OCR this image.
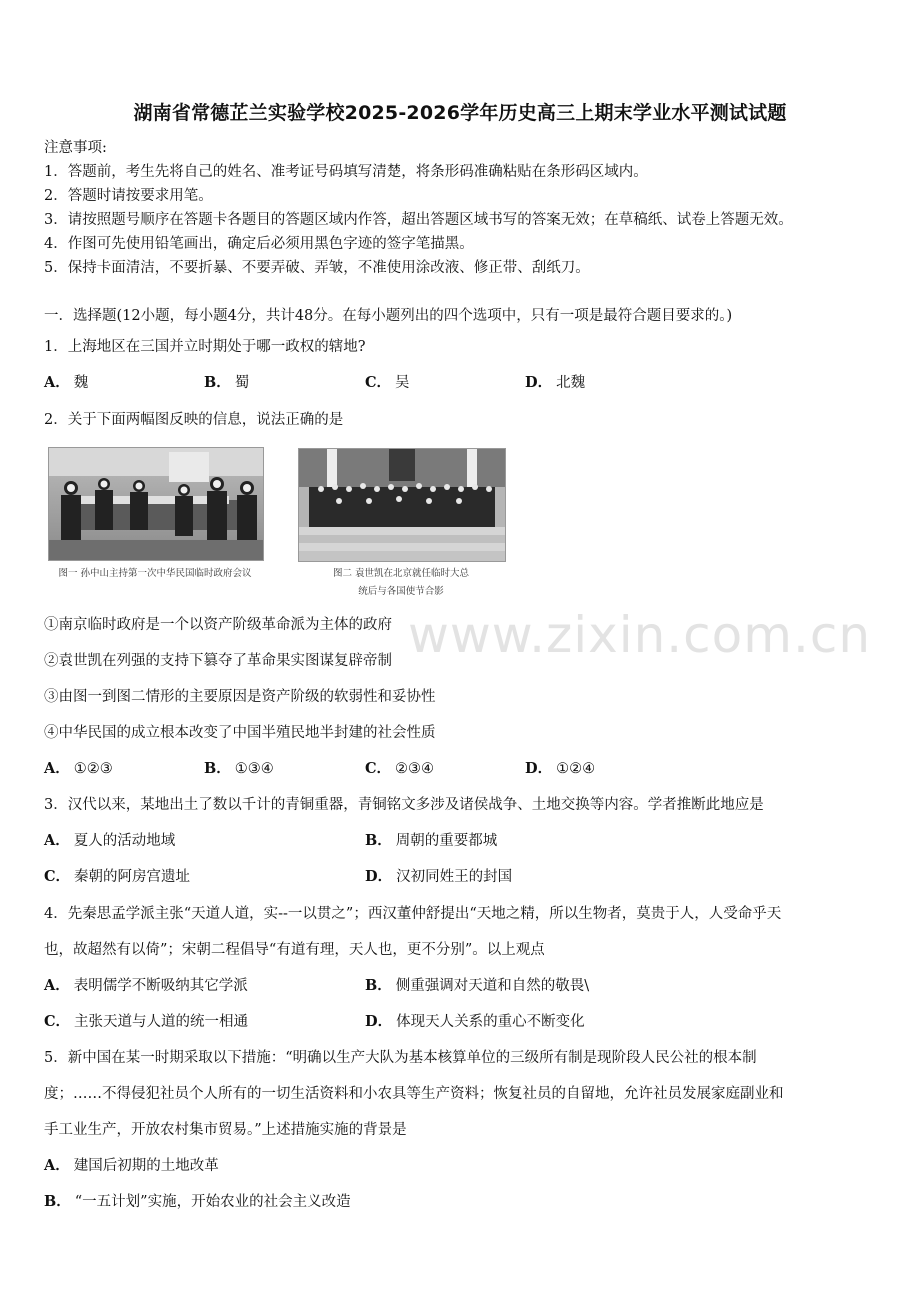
www.zixin.com.cn
湖南省常德芷兰实验学校2025-2026学年历史高三上期末学业水平测试试题
注意事项:
1．答题前，考生先将自己的姓名、准考证号码填写清楚，将条形码准确粘贴在条形码区域内。
2．答题时请按要求用笔。
3．请按照题号顺序在答题卡各题目的答题区域内作答，超出答题区域书写的答案无效；在草稿纸、试卷上答题无效。
4．作图可先使用铅笔画出，确定后必须用黑色字迹的签字笔描黑。
5．保持卡面清洁，不要折暴、不要弄破、弄皱，不准使用涂改液、修正带、刮纸刀。
一．选择题(12小题，每小题4分，共计48分。在每小题列出的四个选项中，只有一项是最符合题目要求的。)
1．上海地区在三国并立时期处于哪一政权的辖地?
A． 魏	B． 蜀	C． 吴	D． 北魏
2．关于下面两幅图反映的信息，说法正确的是
图一 孙中山主持第一次中华民国临时政府会议	图二 袁世凯在北京就任临时大总
统后与各国使节合影
①南京临时政府是一个以资产阶级革命派为主体的政府
②袁世凯在列强的支持下篡夺了革命果实图谋复辟帝制
③由图一到图二情形的主要原因是资产阶级的软弱性和妥协性
④中华民国的成立根本改变了中国半殖民地半封建的社会性质
A． ①②③	B． ①③④	C． ②③④	D． ①②④
3．汉代以来，某地出土了数以千计的青铜重器，青铜铭文多涉及诸侯战争、土地交换等内容。学者推断此地应是
A． 夏人的活动地域	B． 周朝的重要都城
C． 秦朝的阿房宫遗址	D． 汉初同姓王的封国
4．先秦思孟学派主张“天道人道，实--一以贯之”；西汉董仲舒提出“天地之精，所以生物者，莫贵于人，人受命乎天
也，故超然有以倚”；宋朝二程倡导“有道有理，天人也，更不分别”。以上观点
A． 表明儒学不断吸纳其它学派	B． 侧重强调对天道和自然的敬畏\
C． 主张天道与人道的统一相通	D． 体现天人关系的重心不断变化
5．新中国在某一时期采取以下措施：“明确以生产大队为基本核算单位的三级所有制是现阶段人民公社的根本制
度；……不得侵犯社员个人所有的一切生活资料和小农具等生产资料；恢复社员的自留地，允许社员发展家庭副业和
手工业生产，开放农村集市贸易。”上述措施实施的背景是
A． 建国后初期的土地改革
B． “一五计划”实施，开始农业的社会主义改造
